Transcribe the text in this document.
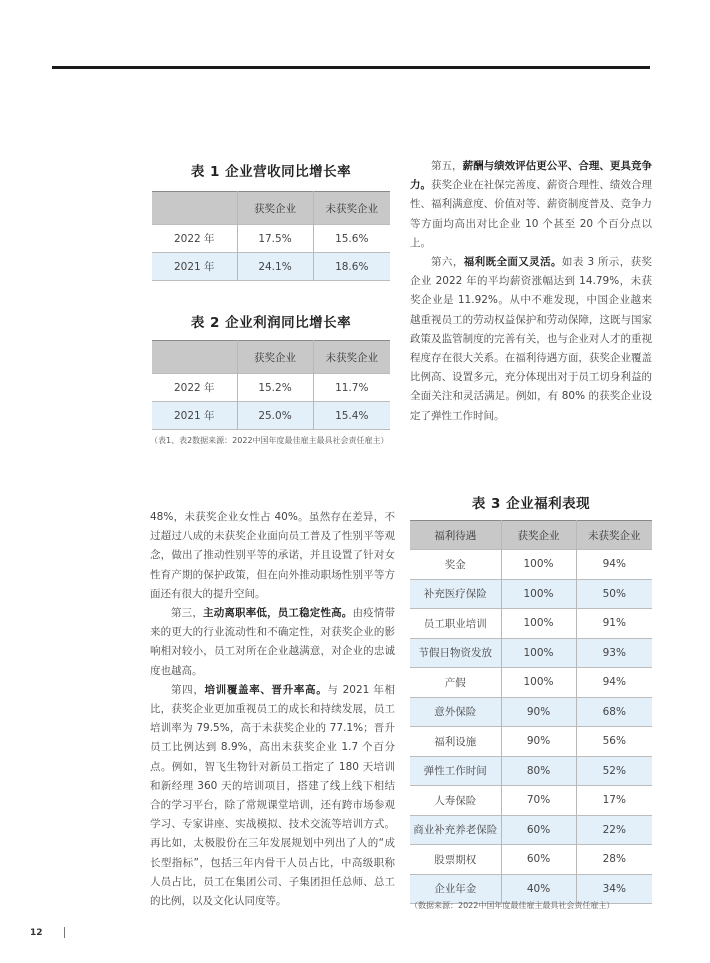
表 1 企业营收同比增长率
	获奖企业	未获奖企业
2022 年	17.5%	15.6%
2021 年	24.1%	18.6%
表 2 企业利润同比增长率
	获奖企业	未获奖企业
2022 年	15.2%	11.7%
2021 年	25.0%	15.4%
（表1、表2数据来源：2022中国年度最佳雇主最具社会责任雇主）

第五，薪酬与绩效评估更公平、合理、更具竞争力。获奖企业在社保完善度、薪资合理性、绩效合理性、福利满意度、价值对等、薪资制度普及、竞争力等方面均高出对比企业 10 个甚至 20 个百分点以上。

第六，福利既全面又灵活。如表 3 所示，获奖企业 2022 年的平均薪资涨幅达到 14.79%，未获奖企业是 11.92%。从中不难发现，中国企业越来越重视员工的劳动权益保护和劳动保障，这既与国家政策及监管制度的完善有关，也与企业对人才的重视程度存在很大关系。在福利待遇方面，获奖企业覆盖比例高、设置多元，充分体现出对于员工切身利益的全面关注和灵活满足。例如，有 80% 的获奖企业设定了弹性工作时间。

48%，未获奖企业女性占 40%。虽然存在差异，不过超过八成的未获奖企业面向员工普及了性别平等观念，做出了推动性别平等的承诺，并且设置了针对女性育产期的保护政策，但在向外推动职场性别平等方面还有很大的提升空间。

第三，主动离职率低，员工稳定性高。由疫情带来的更大的行业流动性和不确定性，对获奖企业的影响相对较小，员工对所在企业越满意，对企业的忠诚度也越高。

第四，培训覆盖率、晋升率高。与 2021 年相比，获奖企业更加重视员工的成长和持续发展，员工培训率为 79.5%，高于未获奖企业的 77.1%；晋升员工比例达到 8.9%，高出未获奖企业 1.7 个百分点。例如，智飞生物针对新员工指定了 180 天培训和新经理 360 天的培训项目，搭建了线上线下相结合的学习平台，除了常规课堂培训，还有跨市场参观学习、专家讲座、实战模拟、技术交流等培训方式。再比如，太极股份在三年发展规划中列出了人的“成长型指标”，包括三年内骨干人员占比，中高级职称人员占比，员工在集团公司、子集团担任总师、总工的比例，以及文化认同度等。

表 3 企业福利表现
福利待遇	获奖企业	未获奖企业
奖金	100%	94%
补充医疗保险	100%	50%
员工职业培训	100%	91%
节假日物资发放	100%	93%
产假	100%	94%
意外保险	90%	68%
福利设施	90%	56%
弹性工作时间	80%	52%
人寿保险	70%	17%
商业补充养老保险	60%	22%
股票期权	60%	28%
企业年金	40%	34%
（数据来源：2022中国年度最佳雇主最具社会责任雇主）
12
